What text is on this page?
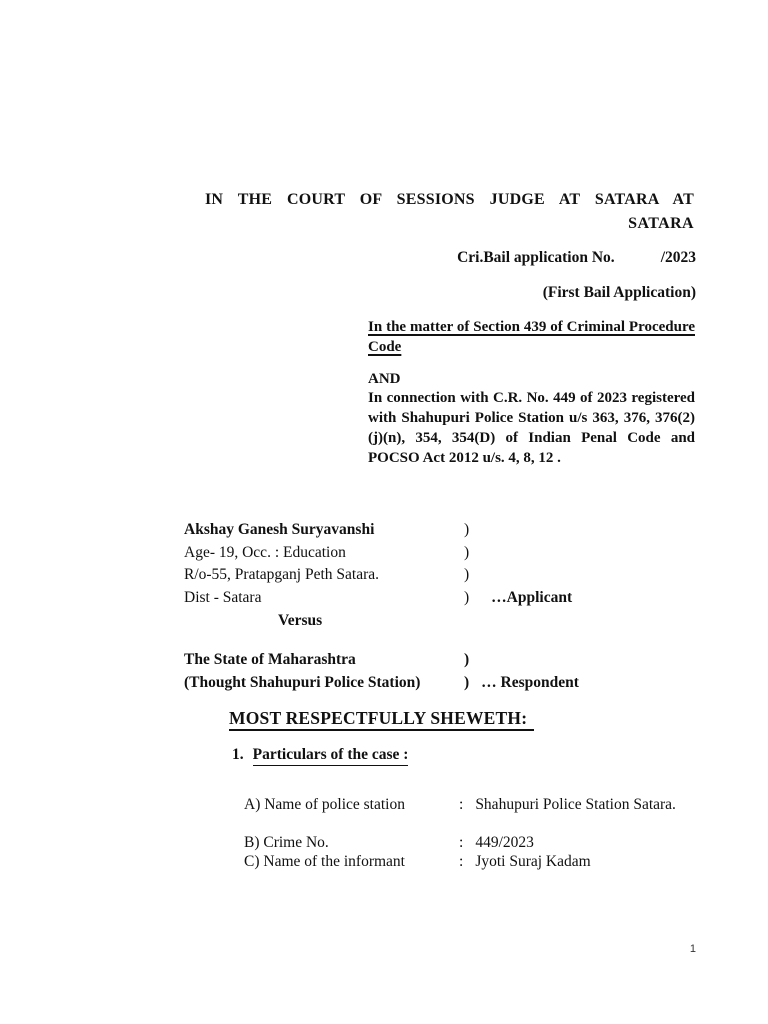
IN THE COURT OF SESSIONS JUDGE AT SATARA AT
SATARA
Cri.Bail application No.	/2023
(First Bail Application)

In the matter of Section 439 of Criminal Procedure Code

AND

In connection with C.R. No. 449 of 2023 registered with Shahupuri Police Station u/s 363, 376, 376(2)(j)(n), 354, 354(D) of Indian Penal Code and POCSO Act 2012 u/s. 4, 8, 12 .

Akshay Ganesh Suryavanshi	)
Age- 19, Occ. : Education	)
R/o-55, Pratapganj Peth Satara.	)
Dist - Satara	) …Applicant
Versus
The State of Maharashtra	)
(Thought Shahupuri Police Station)	) … Respondent
MOST RESPECTFULLY SHEWETH:
1. Particulars of the case :
A) Name of police station	: Shahupuri Police Station Satara.
B) Crime No.	: 449/2023
C) Name of the informant	: Jyoti Suraj Kadam
1
